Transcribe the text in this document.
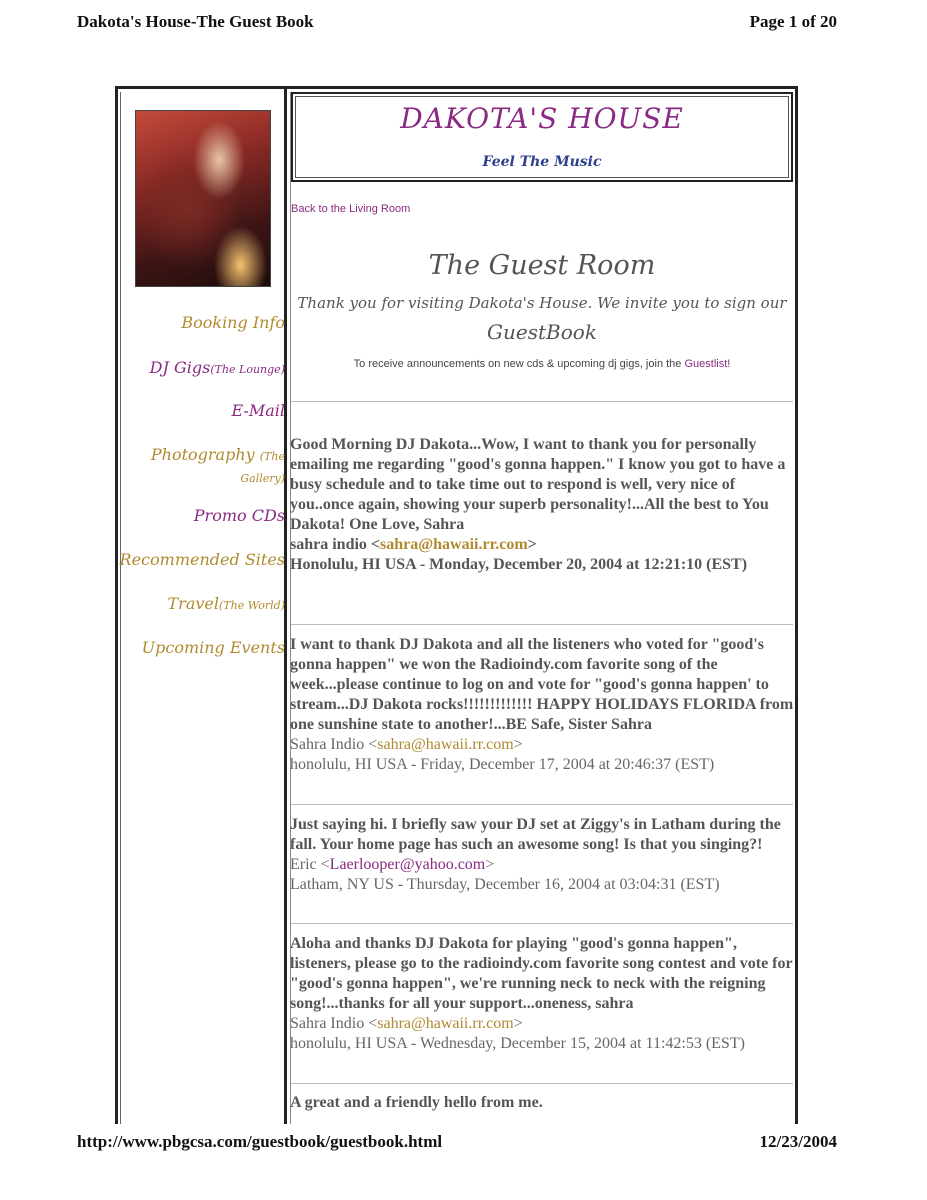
Dakota's House-The Guest Book	Page 1 of 20
Booking Info
DJ Gigs(The Lounge)
E-Mail
Photography (The
Gallery)
Promo CDs
Recommended Sites
Travel(The World)
Upcoming Events
DAKOTA'S HOUSE
Feel The Music
Back to the Living Room
The Guest Room
Thank you for visiting Dakota's House. We invite you to sign our
GuestBook
To receive announcements on new cds & upcoming dj gigs, join the Guestlist!
Good Morning DJ Dakota...Wow, I want to thank you for personally emailing me regarding "good's gonna happen." I know you got to have a busy schedule and to take time out to respond is well, very nice of you..once again, showing your superb personality!...All the best to You Dakota! One Love, Sahra
sahra indio <sahra@hawaii.rr.com>
Honolulu, HI USA - Monday, December 20, 2004 at 12:21:10 (EST)
I want to thank DJ Dakota and all the listeners who voted for "good's gonna happen" we won the Radioindy.com favorite song of the week...please continue to log on and vote for "good's gonna happen' to stream...DJ Dakota rocks!!!!!!!!!!!!! HAPPY HOLIDAYS FLORIDA from one sunshine state to another!...BE Safe, Sister Sahra
Sahra Indio <sahra@hawaii.rr.com>
honolulu, HI USA - Friday, December 17, 2004 at 20:46:37 (EST)
Just saying hi. I briefly saw your DJ set at Ziggy's in Latham during the fall. Your home page has such an awesome song! Is that you singing?!
Eric <Laerlooper@yahoo.com>
Latham, NY US - Thursday, December 16, 2004 at 03:04:31 (EST)
Aloha and thanks DJ Dakota for playing "good's gonna happen", listeners, please go to the radioindy.com favorite song contest and vote for "good's gonna happen", we're running neck to neck with the reigning song!...thanks for all your support...oneness, sahra
Sahra Indio <sahra@hawaii.rr.com>
honolulu, HI USA - Wednesday, December 15, 2004 at 11:42:53 (EST)
A great and a friendly hello from me.
http://www.pbgcsa.com/guestbook/guestbook.html	12/23/2004
